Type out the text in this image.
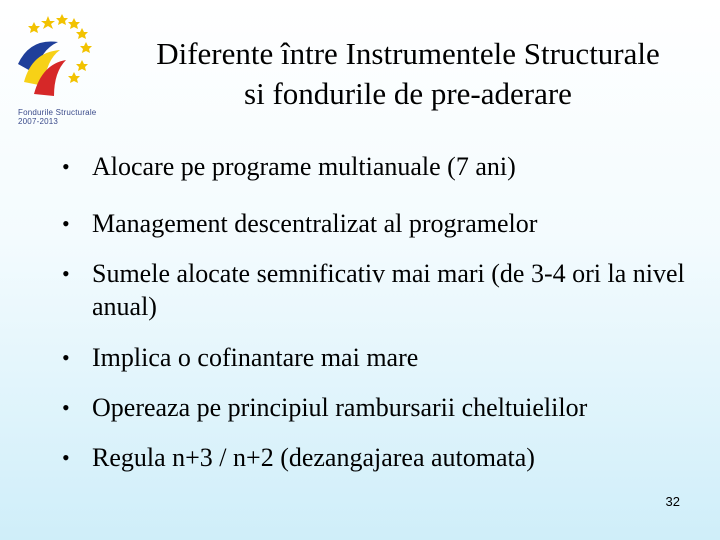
Fondurile Structurale
2007-2013
Diferente între Instrumentele Structurale
si fondurile de pre-aderare
• Alocare pe programe multianuale (7 ani)
• Management descentralizat al programelor
• Sumele alocate semnificativ mai mari (de 3-4 ori la nivel anual)
• Implica o cofinantare mai mare
• Opereaza pe principiul rambursarii cheltuielilor
• Regula n+3 / n+2 (dezangajarea automata)
32
